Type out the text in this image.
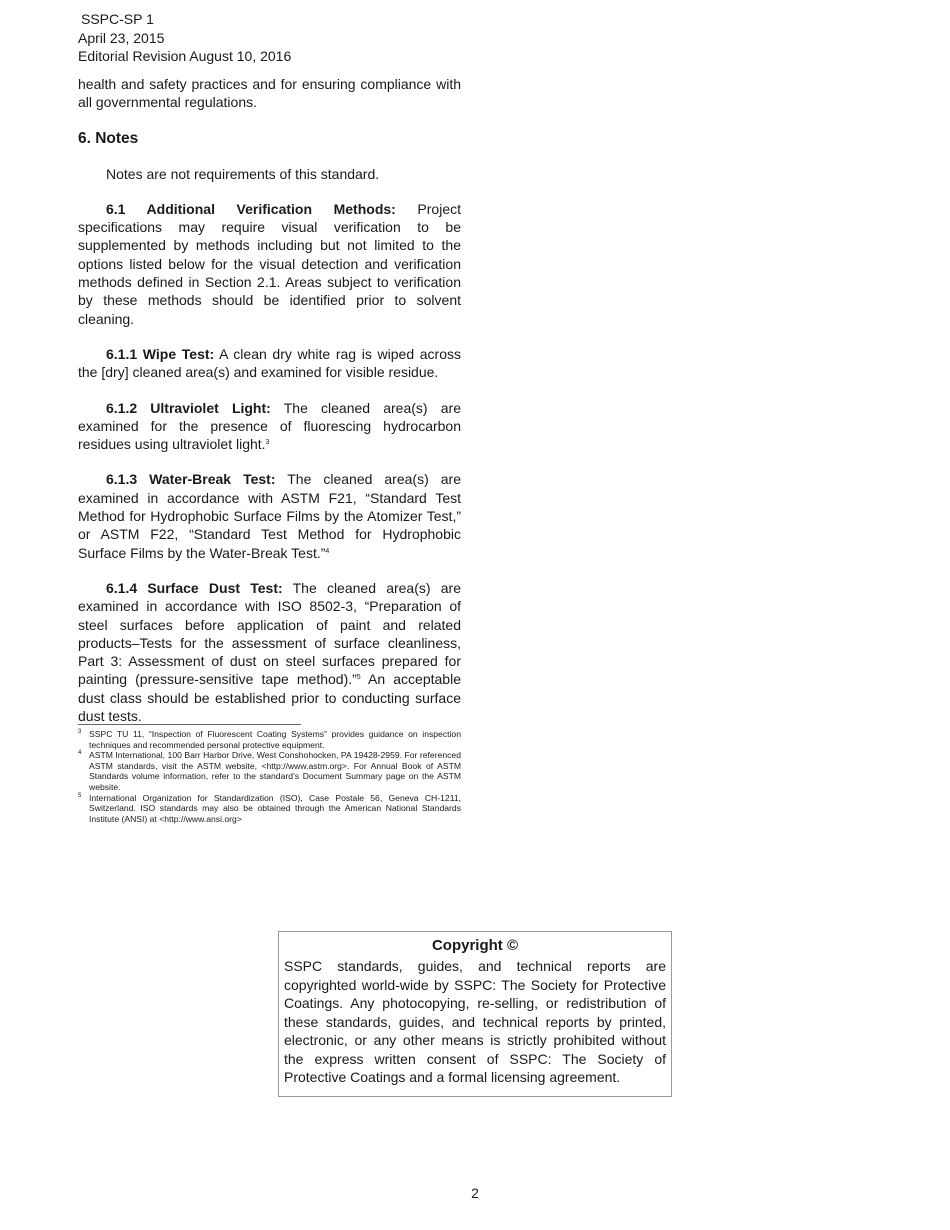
SSPC-SP 1
April 23, 2015
Editorial Revision August 10, 2016

health and safety practices and for ensuring compliance with all governmental regulations.

6. Notes

Notes are not requirements of this standard.

6.1 Additional Verification Methods: Project specifications may require visual verification to be supplemented by methods including but not limited to the options listed below for the visual detection and verification methods defined in Section 2.1. Areas subject to verification by these methods should be identified prior to solvent cleaning.

6.1.1 Wipe Test: A clean dry white rag is wiped across the [dry] cleaned area(s) and examined for visible residue.

6.1.2 Ultraviolet Light: The cleaned area(s) are examined for the presence of fluorescing hydrocarbon residues using ultraviolet light.$^3$

6.1.3 Water-Break Test: The cleaned area(s) are examined in accordance with ASTM F21, “Standard Test Method for Hydrophobic Surface Films by the Atomizer Test,” or ASTM F22, “Standard Test Method for Hydrophobic Surface Films by the Water-Break Test.”$^4$

6.1.4 Surface Dust Test: The cleaned area(s) are examined in accordance with ISO 8502-3, “Preparation of steel surfaces before application of paint and related products–Tests for the assessment of surface cleanliness, Part 3: Assessment of dust on steel surfaces prepared for painting (pressure-sensitive tape method).”$^5$ An acceptable dust class should be established prior to conducting surface dust tests.

3 SSPC TU 11, “Inspection of Fluorescent Coating Systems” provides guidance on inspection techniques and recommended personal protective equipment.

4 ASTM International, 100 Barr Harbor Drive, West Conshohocken, PA 19428-2959. For referenced ASTM standards, visit the ASTM website, <http://www.astm.org>. For Annual Book of ASTM Standards volume information, refer to the standard’s Document Summary page on the ASTM website.

5 International Organization for Standardization (ISO), Case Postale 56, Geneva CH-1211, Switzerland. ISO standards may also be obtained through the American National Standards Institute (ANSI) at <http://www.ansi.org>

Copyright ©

SSPC standards, guides, and technical reports are copyrighted world-wide by SSPC: The Society for Protective Coatings. Any photocopying, re-selling, or redistribution of these standards, guides, and technical reports by printed, electronic, or any other means is strictly prohibited without the express written consent of SSPC: The Society of Protective Coatings and a formal licensing agreement.

2
